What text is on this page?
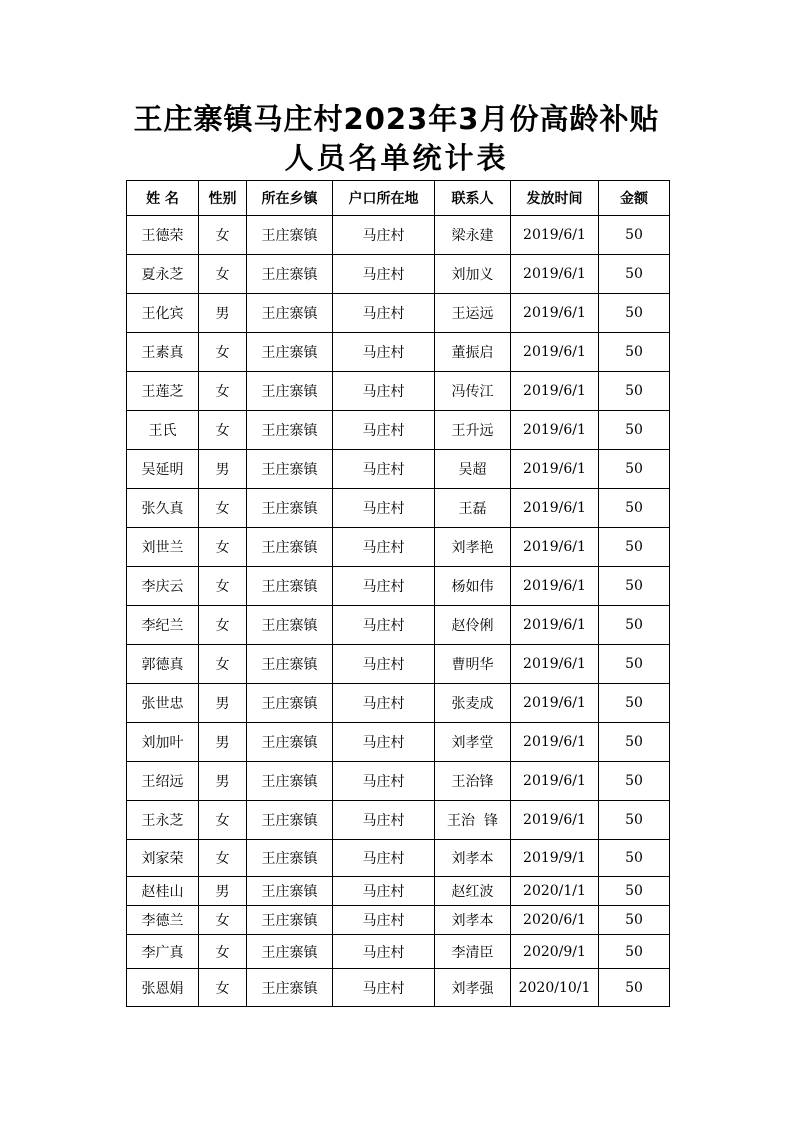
王庄寨镇马庄村2023年3月份高龄补贴
人员名单统计表
姓 名	性别	所在乡镇	户口所在地	联系人	发放时间	金额
王德荣	女	王庄寨镇	马庄村	梁永建	2019/6/1	50
夏永芝	女	王庄寨镇	马庄村	刘加义	2019/6/1	50
王化宾	男	王庄寨镇	马庄村	王运远	2019/6/1	50
王素真	女	王庄寨镇	马庄村	董振启	2019/6/1	50
王莲芝	女	王庄寨镇	马庄村	冯传江	2019/6/1	50
王氏	女	王庄寨镇	马庄村	王升远	2019/6/1	50
吴延明	男	王庄寨镇	马庄村	吴超	2019/6/1	50
张久真	女	王庄寨镇	马庄村	王磊	2019/6/1	50
刘世兰	女	王庄寨镇	马庄村	刘孝艳	2019/6/1	50
李庆云	女	王庄寨镇	马庄村	杨如伟	2019/6/1	50
李纪兰	女	王庄寨镇	马庄村	赵伶俐	2019/6/1	50
郭德真	女	王庄寨镇	马庄村	曹明华	2019/6/1	50
张世忠	男	王庄寨镇	马庄村	张麦成	2019/6/1	50
刘加叶	男	王庄寨镇	马庄村	刘孝堂	2019/6/1	50
王绍远	男	王庄寨镇	马庄村	王治锋	2019/6/1	50
王永芝	女	王庄寨镇	马庄村	王治  锋	2019/6/1	50
刘家荣	女	王庄寨镇	马庄村	刘孝本	2019/9/1	50
赵桂山	男	王庄寨镇	马庄村	赵红波	2020/1/1	50
李德兰	女	王庄寨镇	马庄村	刘孝本	2020/6/1	50
李广真	女	王庄寨镇	马庄村	李清臣	2020/9/1	50
张恩娟	女	王庄寨镇	马庄村	刘孝强	2020/10/1	50
